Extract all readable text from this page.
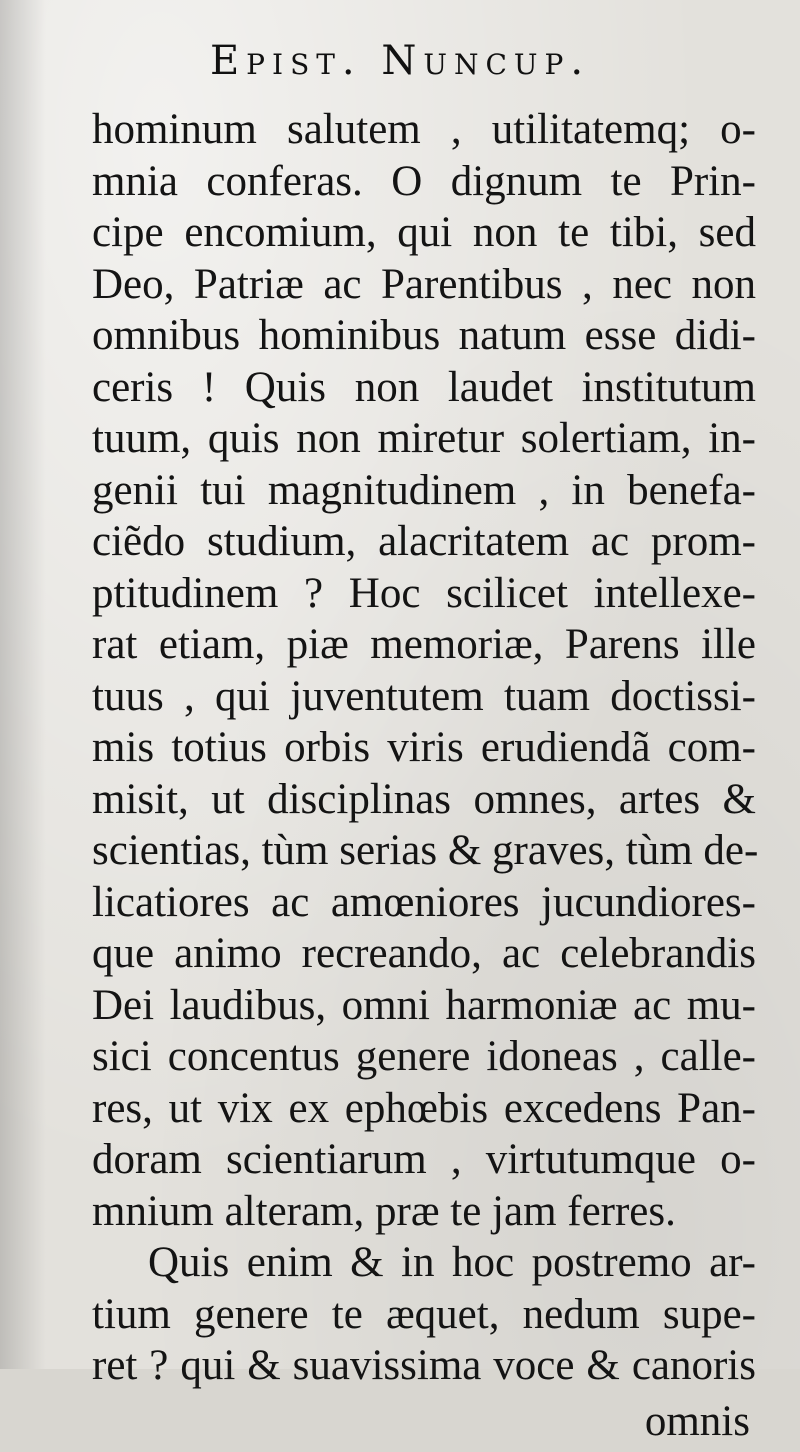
Epist. Nuncup.
hominum salutem , utilitatemq; o-
mnia conferas. O dignum te Prin-
cipe encomium, qui non te tibi, sed
Deo, Patriæ ac Parentibus , nec non
omnibus hominibus natum esse didi-
ceris ! Quis non laudet institutum
tuum, quis non miretur solertiam, in-
genii tui magnitudinem , in benefa-
ciẽdo studium, alacritatem ac prom-
ptitudinem ? Hoc scilicet intellexe-
rat etiam, piæ memoriæ, Parens ille
tuus , qui juventutem tuam doctissi-
mis totius orbis viris erudiendã com-
misit, ut disciplinas omnes, artes &
scientias, tùm serias & graves, tùm de-
licatiores ac amœniores jucundiores-
que animo recreando, ac celebrandis
Dei laudibus, omni harmoniæ ac mu-
sici concentus genere idoneas , calle-
res, ut vix ex ephœbis excedens Pan-
doram scientiarum , virtutumque o-
mnium alteram, præ te jam ferres.
Quis enim & in hoc postremo ar-
tium genere te æquet, nedum supe-
ret ? qui & suavissima voce & canoris
omnis
